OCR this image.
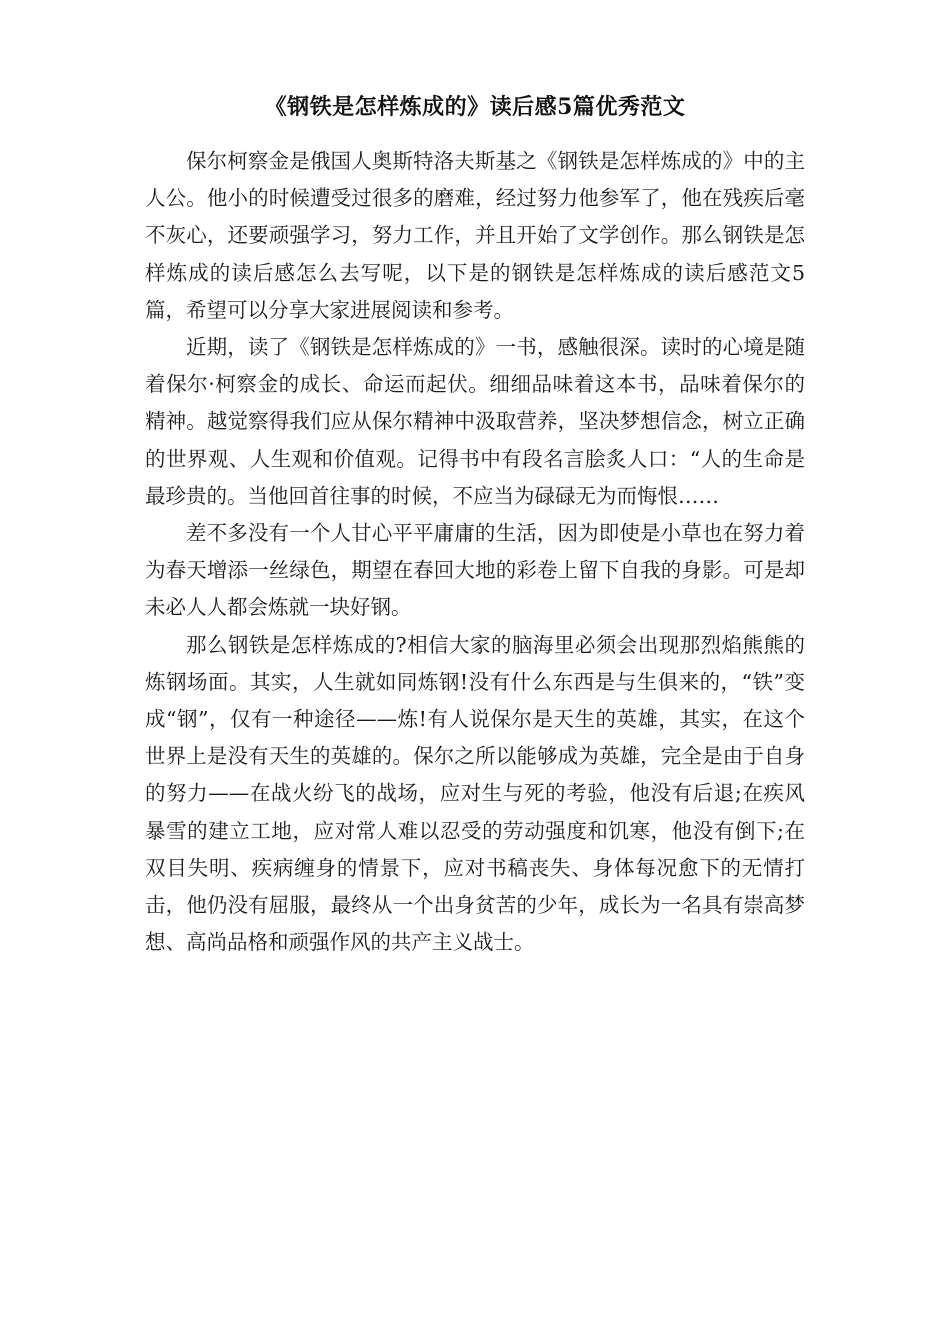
《钢铁是怎样炼成的》读后感5篇优秀范文

保尔柯察金是俄国人奥斯特洛夫斯基之《钢铁是怎样炼成的》中的主人公。他小的时候遭受过很多的磨难，经过努力他参军了，他在残疾后毫不灰心，还要顽强学习，努力工作，并且开始了文学创作。那么钢铁是怎样炼成的读后感怎么去写呢，以下是的钢铁是怎样炼成的读后感范文5篇，希望可以分享大家进展阅读和参考。

近期，读了《钢铁是怎样炼成的》一书，感触很深。读时的心境是随着保尔·柯察金的成长、命运而起伏。细细品味着这本书，品味着保尔的精神。越觉察得我们应从保尔精神中汲取营养，坚决梦想信念，树立正确的世界观、人生观和价值观。记得书中有段名言脍炙人口：“人的生命是最珍贵的。当他回首往事的时候，不应当为碌碌无为而悔恨……

差不多没有一个人甘心平平庸庸的生活，因为即使是小草也在努力着为春天增添一丝绿色，期望在春回大地的彩卷上留下自我的身影。可是却未必人人都会炼就一块好钢。

那么钢铁是怎样炼成的?相信大家的脑海里必须会出现那烈焰熊熊的炼钢场面。其实，人生就如同炼钢!没有什么东西是与生俱来的，“铁”变成“钢”，仅有一种途径——炼!有人说保尔是天生的英雄，其实，在这个世界上是没有天生的英雄的。保尔之所以能够成为英雄，完全是由于自身的努力——在战火纷飞的战场，应对生与死的考验，他没有后退;在疾风暴雪的建立工地，应对常人难以忍受的劳动强度和饥寒，他没有倒下;在双目失明、疾病缠身的情景下，应对书稿丧失、身体每况愈下的无情打击，他仍没有屈服，最终从一个出身贫苦的少年，成长为一名具有崇高梦想、高尚品格和顽强作风的共产主义战士。
